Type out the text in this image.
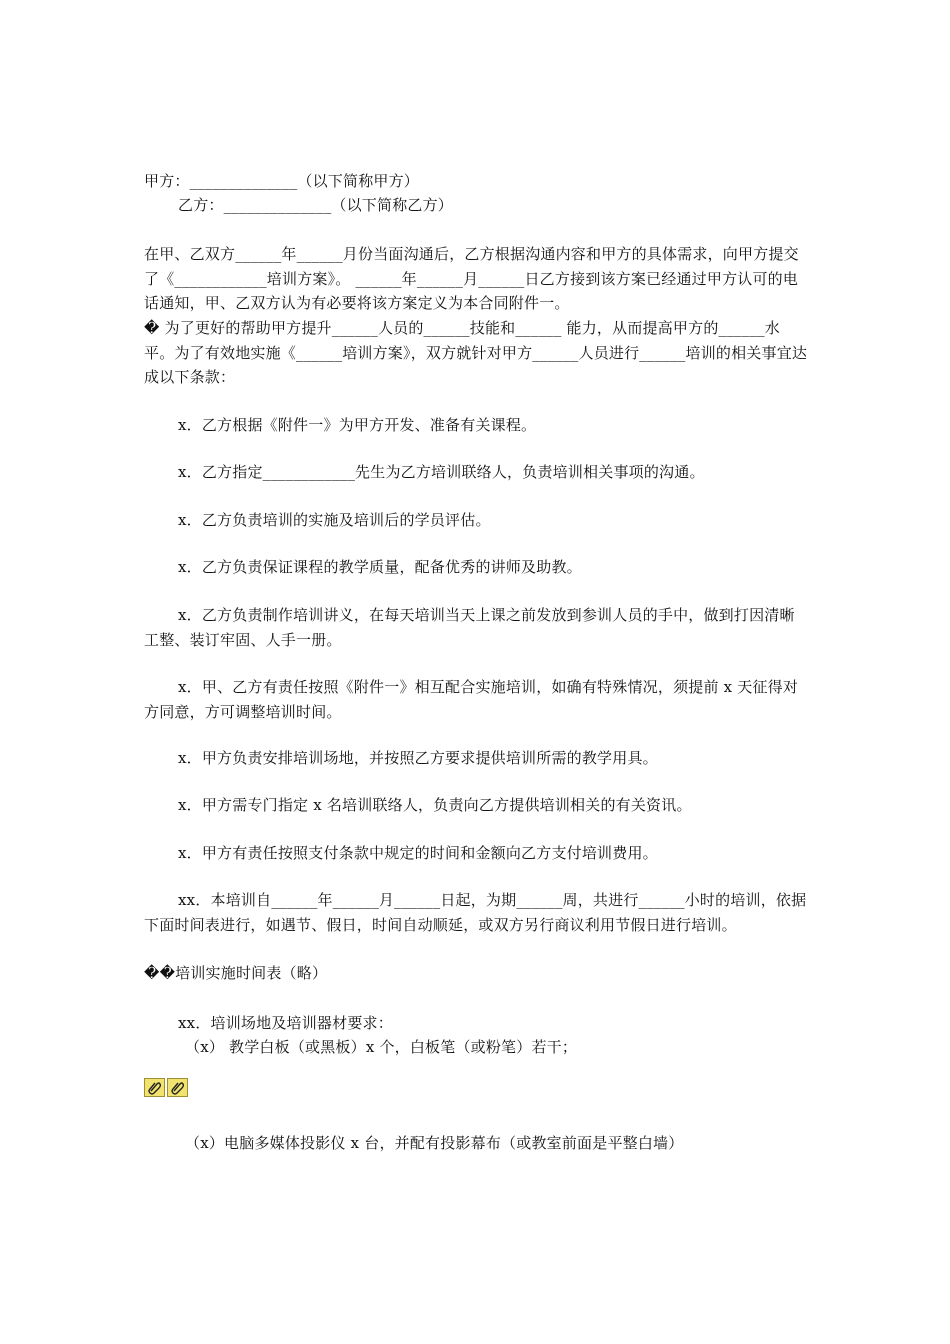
甲方：______________（以下简称甲方）
乙方：______________（以下简称乙方）
在甲、乙双方______年______月份当面沟通后，乙方根据沟通内容和甲方的具体需求，向甲方提交了《____________培训方案》。 ______年______月______日乙方接到该方案已经通过甲方认可的电话通知，甲、乙双方认为有必要将该方案定义为本合同附件一。
� 为了更好的帮助甲方提升______人员的______技能和______ 能力，从而提高甲方的______水平。为了有效地实施《______培训方案》，双方就针对甲方______人员进行______培训的相关事宜达成以下条款：
x．乙方根据《附件一》为甲方开发、准备有关课程。
x．乙方指定____________先生为乙方培训联络人，负责培训相关事项的沟通。
x．乙方负责培训的实施及培训后的学员评估。
x．乙方负责保证课程的教学质量，配备优秀的讲师及助教。
x．乙方负责制作培训讲义，在每天培训当天上课之前发放到参训人员的手中，做到打因清晰工整、装订牢固、人手一册。
x．甲、乙方有责任按照《附件一》相互配合实施培训，如确有特殊情况，须提前 x 天征得对方同意，方可调整培训时间。
x．甲方负责安排培训场地，并按照乙方要求提供培训所需的教学用具。
x．甲方需专门指定 x 名培训联络人，负责向乙方提供培训相关的有关资讯。
x．甲方有责任按照支付条款中规定的时间和金额向乙方支付培训费用。
xx．本培训自______年______月______日起，为期______周，共进行______小时的培训，依据下面时间表进行，如遇节、假日，时间自动顺延，或双方另行商议利用节假日进行培训。
��培训实施时间表（略）
xx．培训场地及培训器材要求：
（x） 教学白板（或黑板）x 个，白板笔（或粉笔）若干；
（x）电脑多媒体投影仪 x 台，并配有投影幕布（或教室前面是平整白墙）
